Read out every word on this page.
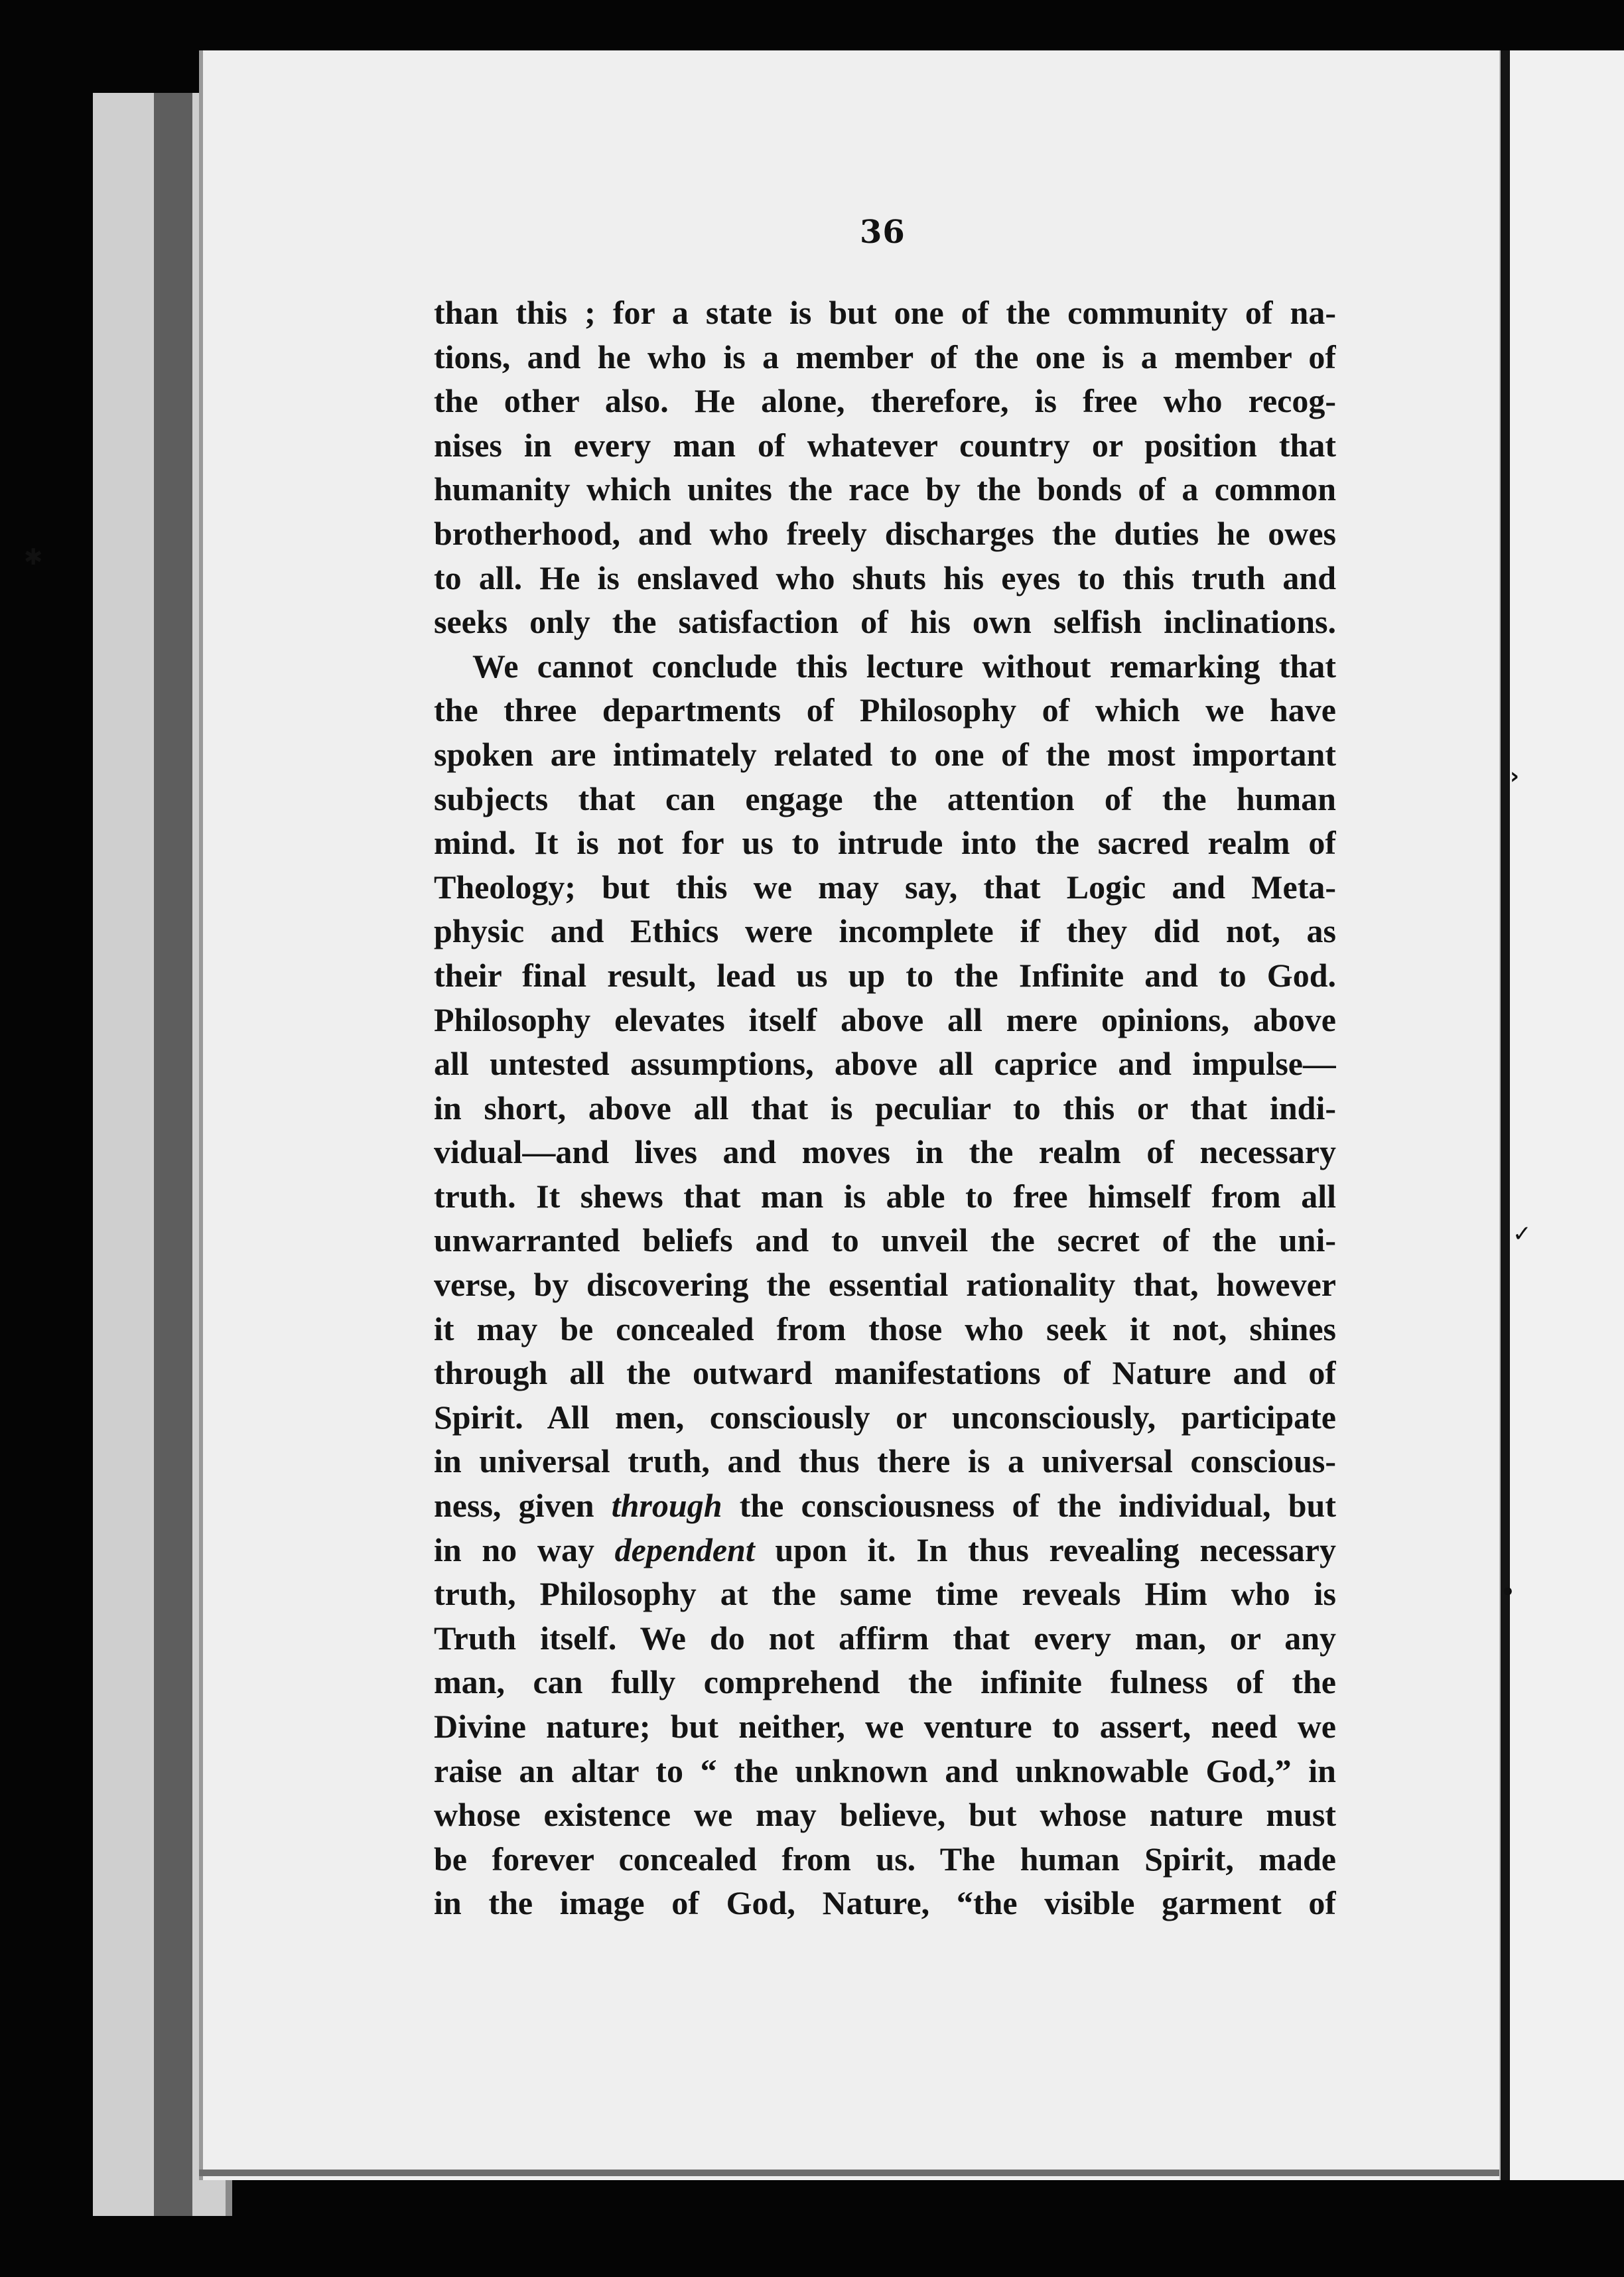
36
than this ; for a state is but one of the community of na-
tions, and he who is a member of the one is a member of
the other also. He alone, therefore, is free who recog-
nises in every man of whatever country or position that
humanity which unites the race by the bonds of a common
brotherhood, and who freely discharges the duties he owes
to all. He is enslaved who shuts his eyes to this truth and
seeks only the satisfaction of his own selfish inclinations.
We cannot conclude this lecture without remarking that
the three departments of Philosophy of which we have
spoken are intimately related to one of the most important
subjects that can engage the attention of the human
mind. It is not for us to intrude into the sacred realm of
Theology; but this we may say, that Logic and Meta-
physic and Ethics were incomplete if they did not, as
their final result, lead us up to the Infinite and to God.
Philosophy elevates itself above all mere opinions, above
all untested assumptions, above all caprice and impulse—
in short, above all that is peculiar to this or that indi-
vidual—and lives and moves in the realm of necessary
truth. It shews that man is able to free himself from all
unwarranted beliefs and to unveil the secret of the uni-
verse, by discovering the essential rationality that, however
it may be concealed from those who seek it not, shines
through all the outward manifestations of Nature and of
Spirit. All men, consciously or unconsciously, participate
in universal truth, and thus there is a universal conscious-
ness, given through the consciousness of the individual, but
in no way dependent upon it. In thus revealing necessary
truth, Philosophy at the same time reveals Him who is
Truth itself. We do not affirm that every man, or any
man, can fully comprehend the infinite fulness of the
Divine nature; but neither, we venture to assert, need we
raise an altar to “ the unknown and unknowable God,” in
whose existence we may believe, but whose nature must
be forever concealed from us. The human Spirit, made
in the image of God, Nature, “the visible garment of
✱
›
✓
•
